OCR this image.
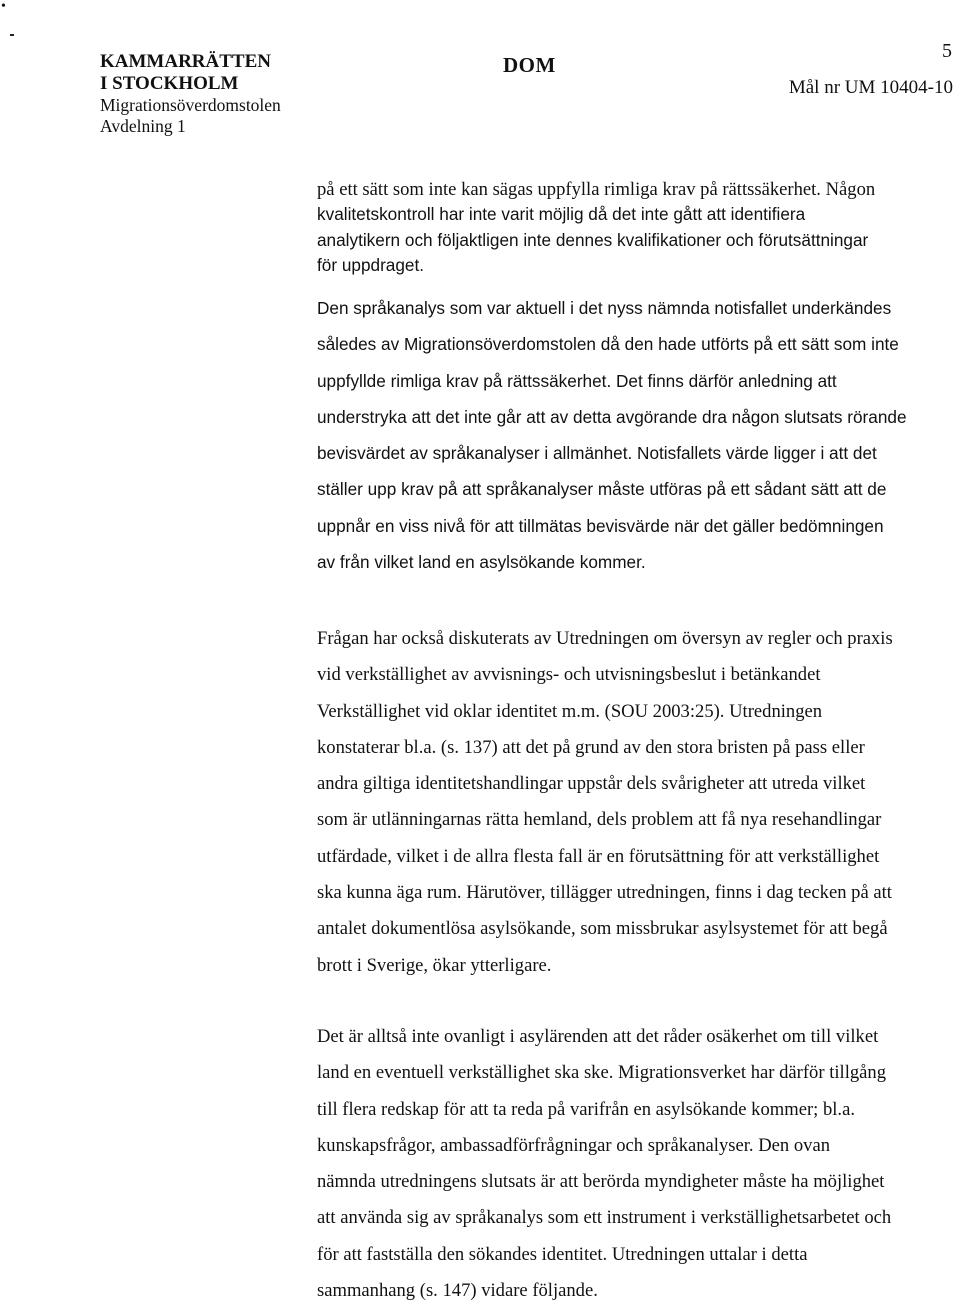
•
KAMMARRÄTTEN
I STOCKHOLM
Migrationsöverdomstolen
Avdelning 1
DOM
5
Mål nr UM 10404-10
på ett sätt som inte kan sägas uppfylla rimliga krav på rättssäkerhet. Någon
kvalitetskontroll har inte varit möjlig då det inte gått att identifiera
analytikern och följaktligen inte dennes kvalifikationer och förutsättningar
för uppdraget.
Den språkanalys som var aktuell i det nyss nämnda notisfallet underkändes
således av Migrationsöverdomstolen då den hade utförts på ett sätt som inte
uppfyllde rimliga krav på rättssäkerhet. Det finns därför anledning att
understryka att det inte går att av detta avgörande dra någon slutsats rörande
bevisvärdet av språkanalyser i allmänhet. Notisfallets värde ligger i att det
ställer upp krav på att språkanalyser måste utföras på ett sådant sätt att de
uppnår en viss nivå för att tillmätas bevisvärde när det gäller bedömningen
av från vilket land en asylsökande kommer.
Frågan har också diskuterats av Utredningen om översyn av regler och praxis
vid verkställighet av avvisnings- och utvisningsbeslut i betänkandet
Verkställighet vid oklar identitet m.m. (SOU 2003:25). Utredningen
konstaterar bl.a. (s. 137) att det på grund av den stora bristen på pass eller
andra giltiga identitetshandlingar uppstår dels svårigheter att utreda vilket
som är utlänningarnas rätta hemland, dels problem att få nya resehandlingar
utfärdade, vilket i de allra flesta fall är en förutsättning för att verkställighet
ska kunna äga rum. Härutöver, tillägger utredningen, finns i dag tecken på att
antalet dokumentlösa asylsökande, som missbrukar asylsystemet för att begå
brott i Sverige, ökar ytterligare.
Det är alltså inte ovanligt i asylärenden att det råder osäkerhet om till vilket
land en eventuell verkställighet ska ske. Migrationsverket har därför tillgång
till flera redskap för att ta reda på varifrån en asylsökande kommer; bl.a.
kunskapsfrågor, ambassadförfrågningar och språkanalyser. Den ovan
nämnda utredningens slutsats är att berörda myndigheter måste ha möjlighet
att använda sig av språkanalys som ett instrument i verkställighetsarbetet och
för att fastställa den sökandes identitet. Utredningen uttalar i detta
sammanhang (s. 147) vidare följande.
